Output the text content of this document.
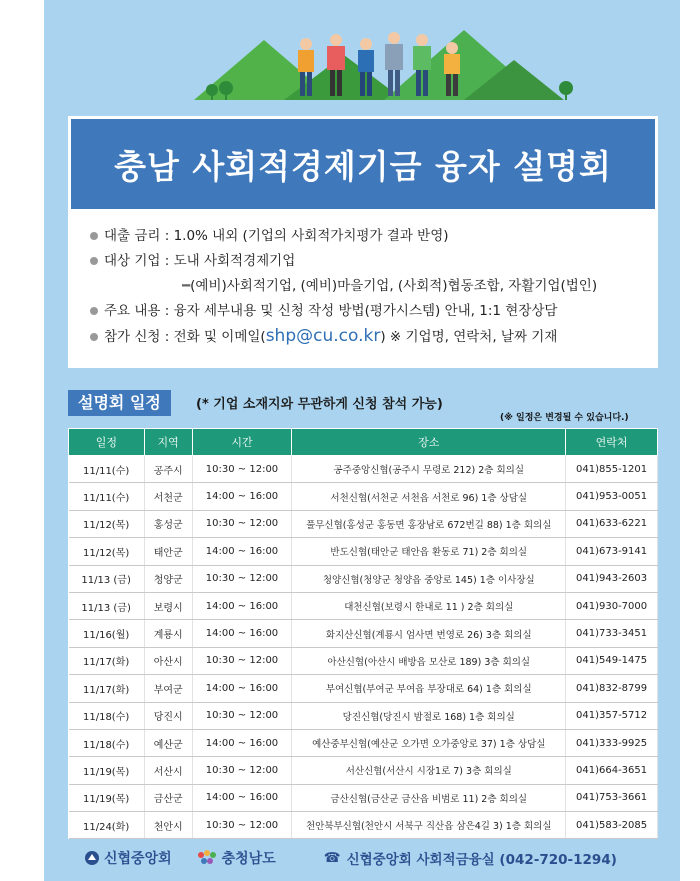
충남 사회적경제기금 융자 설명회
대출 금리 : 1.0% 내외 (기업의 사회적가치평가 결과 반영)
대상 기업 : 도내 사회적경제기업
━(예비)사회적기업, (예비)마을기업, (사회적)협동조합, 자활기업(법인)
주요 내용 : 융자 세부내용 및 신청 작성 방법(평가시스템) 안내, 1:1 현장상담
참가 신청 : 전화 및 이메일(shp@cu.co.kr) ※ 기업명, 연락처, 날짜 기재
설명회 일정	(* 기업 소재지와 무관하게 신청 참석 가능)
(※ 일정은 변경될 수 있습니다.)
일정	지역	시간	장소	연락처
11/11(수)	공주시	10:30 ~ 12:00	공주중앙신협(공주시 무령로 212) 2층 회의실	041)855-1201
11/11(수)	서천군	14:00 ~ 16:00	서천신협(서천군 서천읍 서천로 96) 1층 상담실	041)953-0051
11/12(목)	홍성군	10:30 ~ 12:00	풀무신협(홍성군 홍동면 홍장남로 672번길 88) 1층 회의실	041)633-6221
11/12(목)	태안군	14:00 ~ 16:00	반도신협(태안군 태안읍 환동로 71) 2층 회의실	041)673-9141
11/13 (금)	청양군	10:30 ~ 12:00	청양신협(청양군 청양읍 중앙로 145) 1층 이사장실	041)943-2603
11/13 (금)	보령시	14:00 ~ 16:00	대천신협(보령시 한내로 11 ) 2층 회의실	041)930-7000
11/16(월)	계룡시	14:00 ~ 16:00	화지산신협(계룡시 엄사면 번영로 26) 3층 회의실	041)733-3451
11/17(화)	아산시	10:30 ~ 12:00	아산신협(아산시 배방읍 모산로 189) 3층 회의실	041)549-1475
11/17(화)	부여군	14:00 ~ 16:00	부여신협(부여군 부여읍 부장대로 64) 1층 회의실	041)832-8799
11/18(수)	당진시	10:30 ~ 12:00	당진신협(당진시 밤절로 168) 1층 회의실	041)357-5712
11/18(수)	예산군	14:00 ~ 16:00	예산중부신협(예산군 오가면 오가중앙로 37) 1층 상담실	041)333-9925
11/19(목)	서산시	10:30 ~ 12:00	서산신협(서산시 시장1로 7) 3층 회의실	041)664-3651
11/19(목)	금산군	14:00 ~ 16:00	금산신협(금산군 금산읍 비범로 11) 2층 회의실	041)753-3661
11/24(화)	천안시	10:30 ~ 12:00	천안북부신협(천안시 서북구 직산읍 삼은4길 3) 1층 회의실	041)583-2085
신협중앙회	충청남도	☎ 신협중앙회 사회적금융실 (042-720-1294)
